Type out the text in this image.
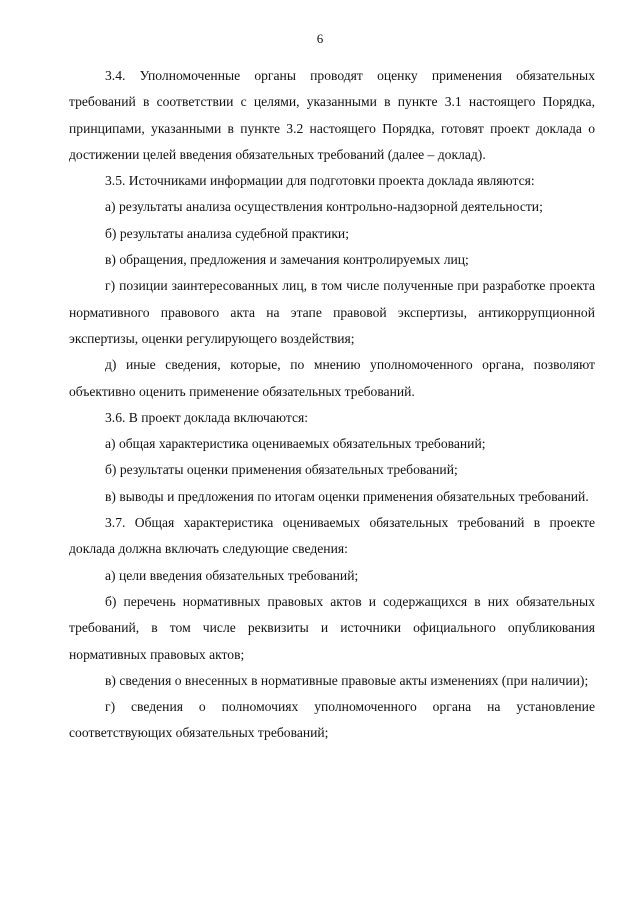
6

3.4. Уполномоченные органы проводят оценку применения обязательных требований в соответствии с целями, указанными в пункте 3.1 настоящего Порядка, принципами, указанными в пункте 3.2 настоящего Порядка, готовят проект доклада о достижении целей введения обязательных требований (далее – доклад).

3.5. Источниками информации для подготовки проекта доклада являются:

а) результаты анализа осуществления контрольно-надзорной деятельности;

б) результаты анализа судебной практики;

в) обращения, предложения и замечания контролируемых лиц;

г) позиции заинтересованных лиц, в том числе полученные при разработке проекта нормативного правового акта на этапе правовой экспертизы, антикоррупционной экспертизы, оценки регулирующего воздействия;

д) иные сведения, которые, по мнению уполномоченного органа, позволяют объективно оценить применение обязательных требований.

3.6. В проект доклада включаются:

а) общая характеристика оцениваемых обязательных требований;

б) результаты оценки применения обязательных требований;

в) выводы и предложения по итогам оценки применения обязательных требований.

3.7. Общая характеристика оцениваемых обязательных требований в проекте доклада должна включать следующие сведения:

а) цели введения обязательных требований;

б) перечень нормативных правовых актов и содержащихся в них обязательных требований, в том числе реквизиты и источники официального опубликования нормативных правовых актов;

в) сведения о внесенных в нормативные правовые акты изменениях (при наличии);

г) сведения о полномочиях уполномоченного органа на установление соответствующих обязательных требований;
